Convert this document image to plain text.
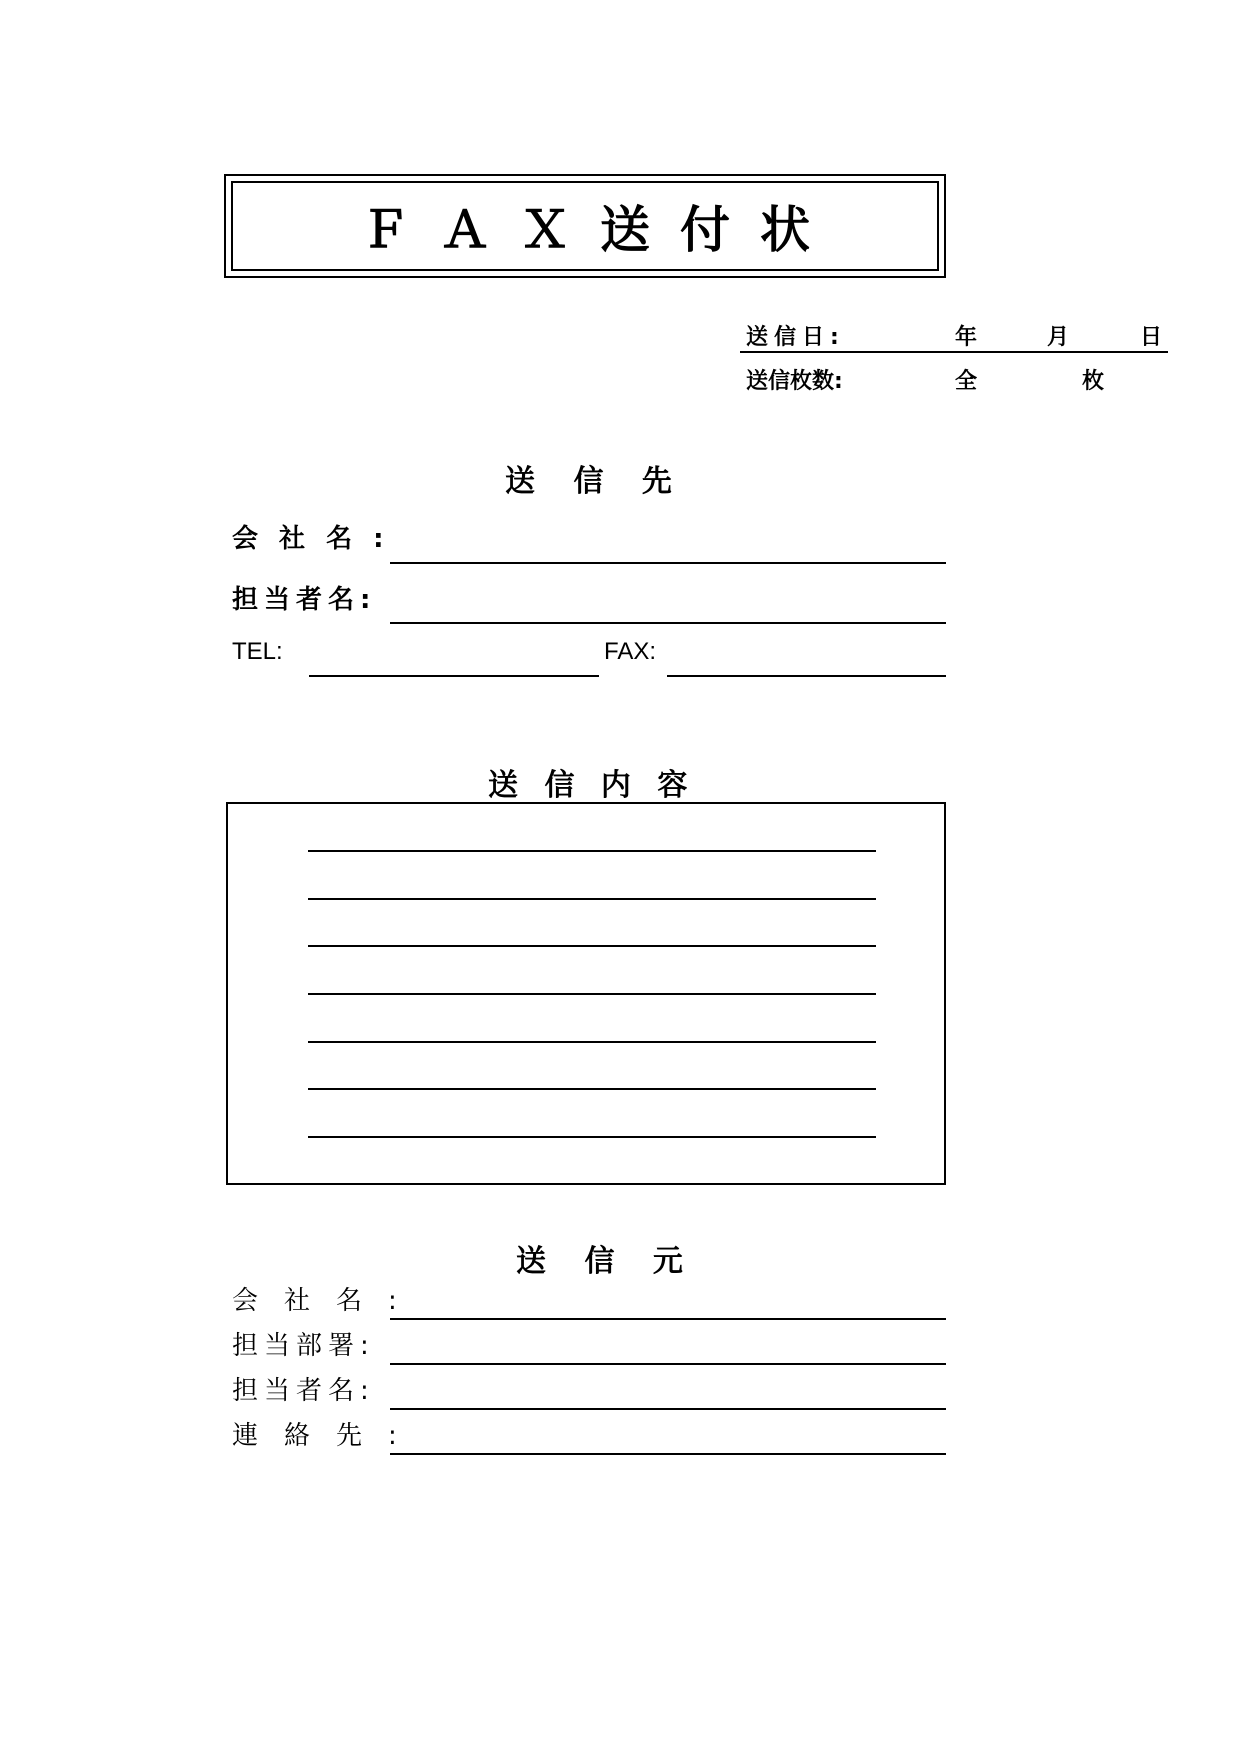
ＦＡＸ送付状
送信日:	年	月	日
送信枚数:	全	枚
送 信 先
会 社 名 :
担当者名:
TEL:	FAX:
送 信 内 容
送 信 元
会　社　名　:
担当部署:
担当者名:
連　絡　先　:
